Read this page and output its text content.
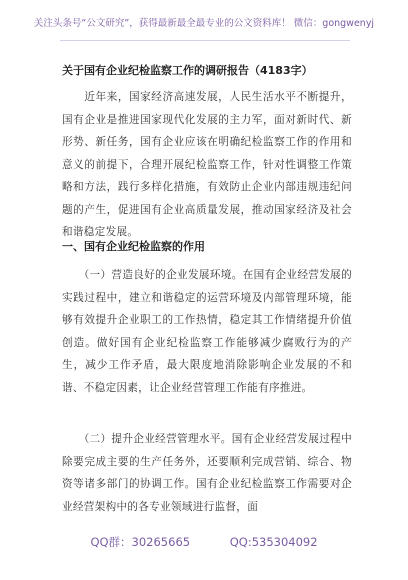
关注头条号“公文研究”，获得最新最全最专业的公文资料库！ 微信：gongwenyj
关于国有企业纪检监察工作的调研报告（4183字）
　　近年来，国家经济高速发展，人民生活水平不断提升，国有企业是推进国家现代化发展的主力军，面对新时代、新形势、新任务，国有企业应该在明确纪检监察工作的作用和意义的前提下，合理开展纪检监察工作，针对性调整工作策略和方法，践行多样化措施，有效防止企业内部违规违纪问题的产生，促进国有企业高质量发展，推动国家经济及社会和谐稳定发展。
一、国有企业纪检监察的作用
　　（一）营造良好的企业发展环境。在国有企业经营发展的实践过程中，建立和谐稳定的运营环境及内部管理环境，能够有效提升企业职工的工作热情，稳定其工作情绪提升价值创造。做好国有企业纪检监察工作能够减少腐败行为的产生，减少工作矛盾，最大限度地消除影响企业发展的不和谐、不稳定因素，让企业经营管理工作能有序推进。
　　（二）提升企业经营管理水平。国有企业经营发展过程中除要完成主要的生产任务外，还要顺利完成营销、综合、物资等诸多部门的协调工作。国有企业纪检监察工作需要对企业经营架构中的各专业领域进行监督，面
QQ群：30265665	QQ:535304092
